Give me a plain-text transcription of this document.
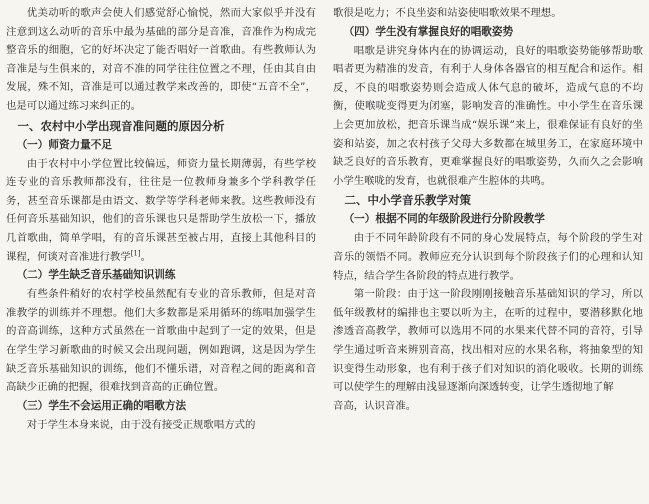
优美动听的歌声会使人们感觉舒心愉悦，然而大家似乎并没有注意到这么动听的音乐中最为基础的部分是音准，音准作为构成完整音乐的细胞，它的好坏决定了能否唱好一首歌曲。有些教师认为音准是与生俱来的，对音不准的同学往往位置之不理，任由其自由发展，殊不知，音准是可以通过教学来改善的，即使“五音不全”，也是可以通过练习来纠正的。

一、农村中小学出现音准问题的原因分析
（一）师资力量不足

由于农村中小学位置比较偏远，师资力量长期薄弱，有些学校连专业的音乐教师都没有，往往是一位教师身兼多个学科教学任务，甚至音乐课都是由语文、数学等学科老师来教。这些教师没有任何音乐基础知识，他们的音乐课也只是帮助学生放松一下，播放几首歌曲，简单学唱，有的音乐课甚至被占用，直接上其他科目的课程，何谈对音准进行教学[1]。

（二）学生缺乏音乐基础知识训练

有些条件稍好的农村学校虽然配有专业的音乐教师，但是对音准教学的训练并不理想。他们大多数都是采用循环的练唱加强学生的音高训练，这种方式虽然在一首歌曲中起到了一定的效果，但是在学生学习新歌曲的时候又会出现问题，例如跑调，这是因为学生缺乏音乐基础知识的训练，他们不懂乐谱，对音程之间的距离和音高缺少正确的把握，很难找到音高的正确位置。

（三）学生不会运用正确的唱歌方法

对于学生本身来说，由于没有接受正规歌唱方式的

歌很是吃力；不良坐姿和站姿使唱歌效果不理想。

（四）学生没有掌握良好的唱歌姿势

唱歌是讲究身体内在的协调运动，良好的唱歌姿势能够帮助歌唱者更为精准的发音，有利于人身体各器官的相互配合和运作。相反，不良的唱歌姿势则会造成人体气息的破坏，造成气息的不均衡，使喉咙变得更为闭塞，影响发音的准确性。中小学生在音乐课上会更加放松，把音乐课当成“娱乐课”来上，很难保证有良好的坐姿和站姿，加之农村孩子父母大多数都在城里务工，在家庭环境中缺乏良好的音乐教育，更难掌握良好的唱歌姿势，久而久之会影响小学生喉咙的发育，也就很难产生腔体的共鸣。

二、中小学音乐教学对策
（一）根据不同的年级阶段进行分阶段教学

由于不同年龄阶段有不同的身心发展特点，每个阶段的学生对音乐的领悟不同。教师应充分认识到每个阶段孩子们的心理和认知特点，结合学生各阶段的特点进行教学。

第一阶段：由于这一阶段刚刚接触音乐基础知识的学习，所以低年级教材的编排也主要以听为主，在听的过程中，要潜移默化地渗透音高教学，教师可以选用不同的水果来代替不同的音符，引导学生通过听音来辨别音高，找出相对应的水果名称，将抽象型的知识变得生动形象，也有利于孩子们对知识的消化吸收。长期的训练可以使学生的理解由浅显逐渐向深透转变，让学生透彻地了解

音高，认识音准。
